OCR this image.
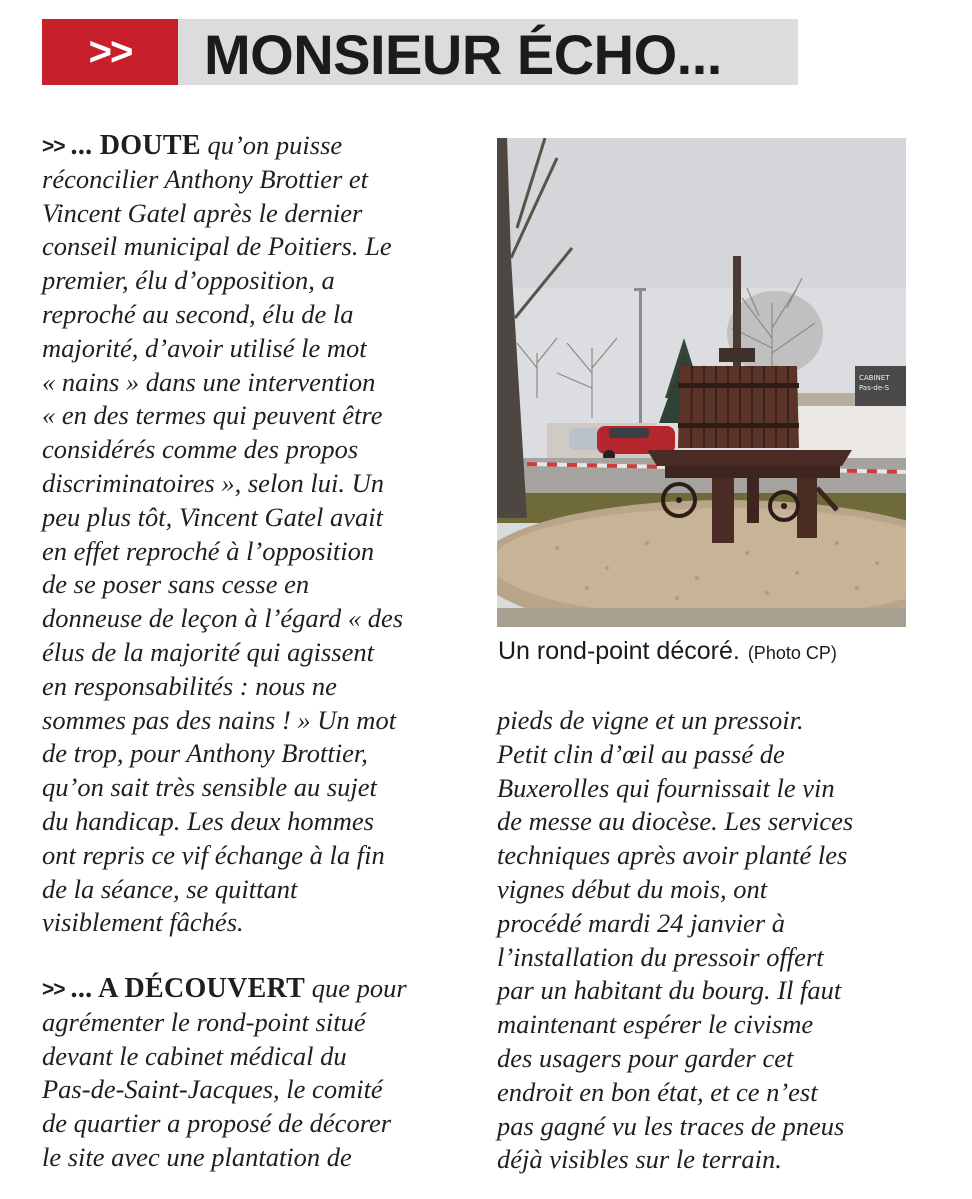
>> MONSIEUR ÉCHO...
>> ... DOUTE qu’on puisse
réconcilier Anthony Brottier et
Vincent Gatel après le dernier
conseil municipal de Poitiers. Le
premier, élu d’opposition, a
reproché au second, élu de la
majorité, d’avoir utilisé le mot
« nains » dans une intervention
« en des termes qui peuvent être
considérés comme des propos
discriminatoires », selon lui. Un
peu plus tôt, Vincent Gatel avait
en effet reproché à l’opposition
de se poser sans cesse en
donneuse de leçon à l’égard « des
élus de la majorité qui agissent
en responsabilités : nous ne
sommes pas des nains ! » Un mot
de trop, pour Anthony Brottier,
qu’on sait très sensible au sujet
du handicap. Les deux hommes
ont repris ce vif échange à la fin
de la séance, se quittant
visiblement fâchés.
>> ... A DÉCOUVERT que pour
agrémenter le rond-point situé
devant le cabinet médical du
Pas-de-Saint-Jacques, le comité
de quartier a proposé de décorer
le site avec une plantation de
CABINET
Pas-de-S
Un rond-point décoré. (Photo CP)
pieds de vigne et un pressoir.
Petit clin d’œil au passé de
Buxerolles qui fournissait le vin
de messe au diocèse. Les services
techniques après avoir planté les
vignes début du mois, ont
procédé mardi 24 janvier à
l’installation du pressoir offert
par un habitant du bourg. Il faut
maintenant espérer le civisme
des usagers pour garder cet
endroit en bon état, et ce n’est
pas gagné vu les traces de pneus
déjà visibles sur le terrain.
